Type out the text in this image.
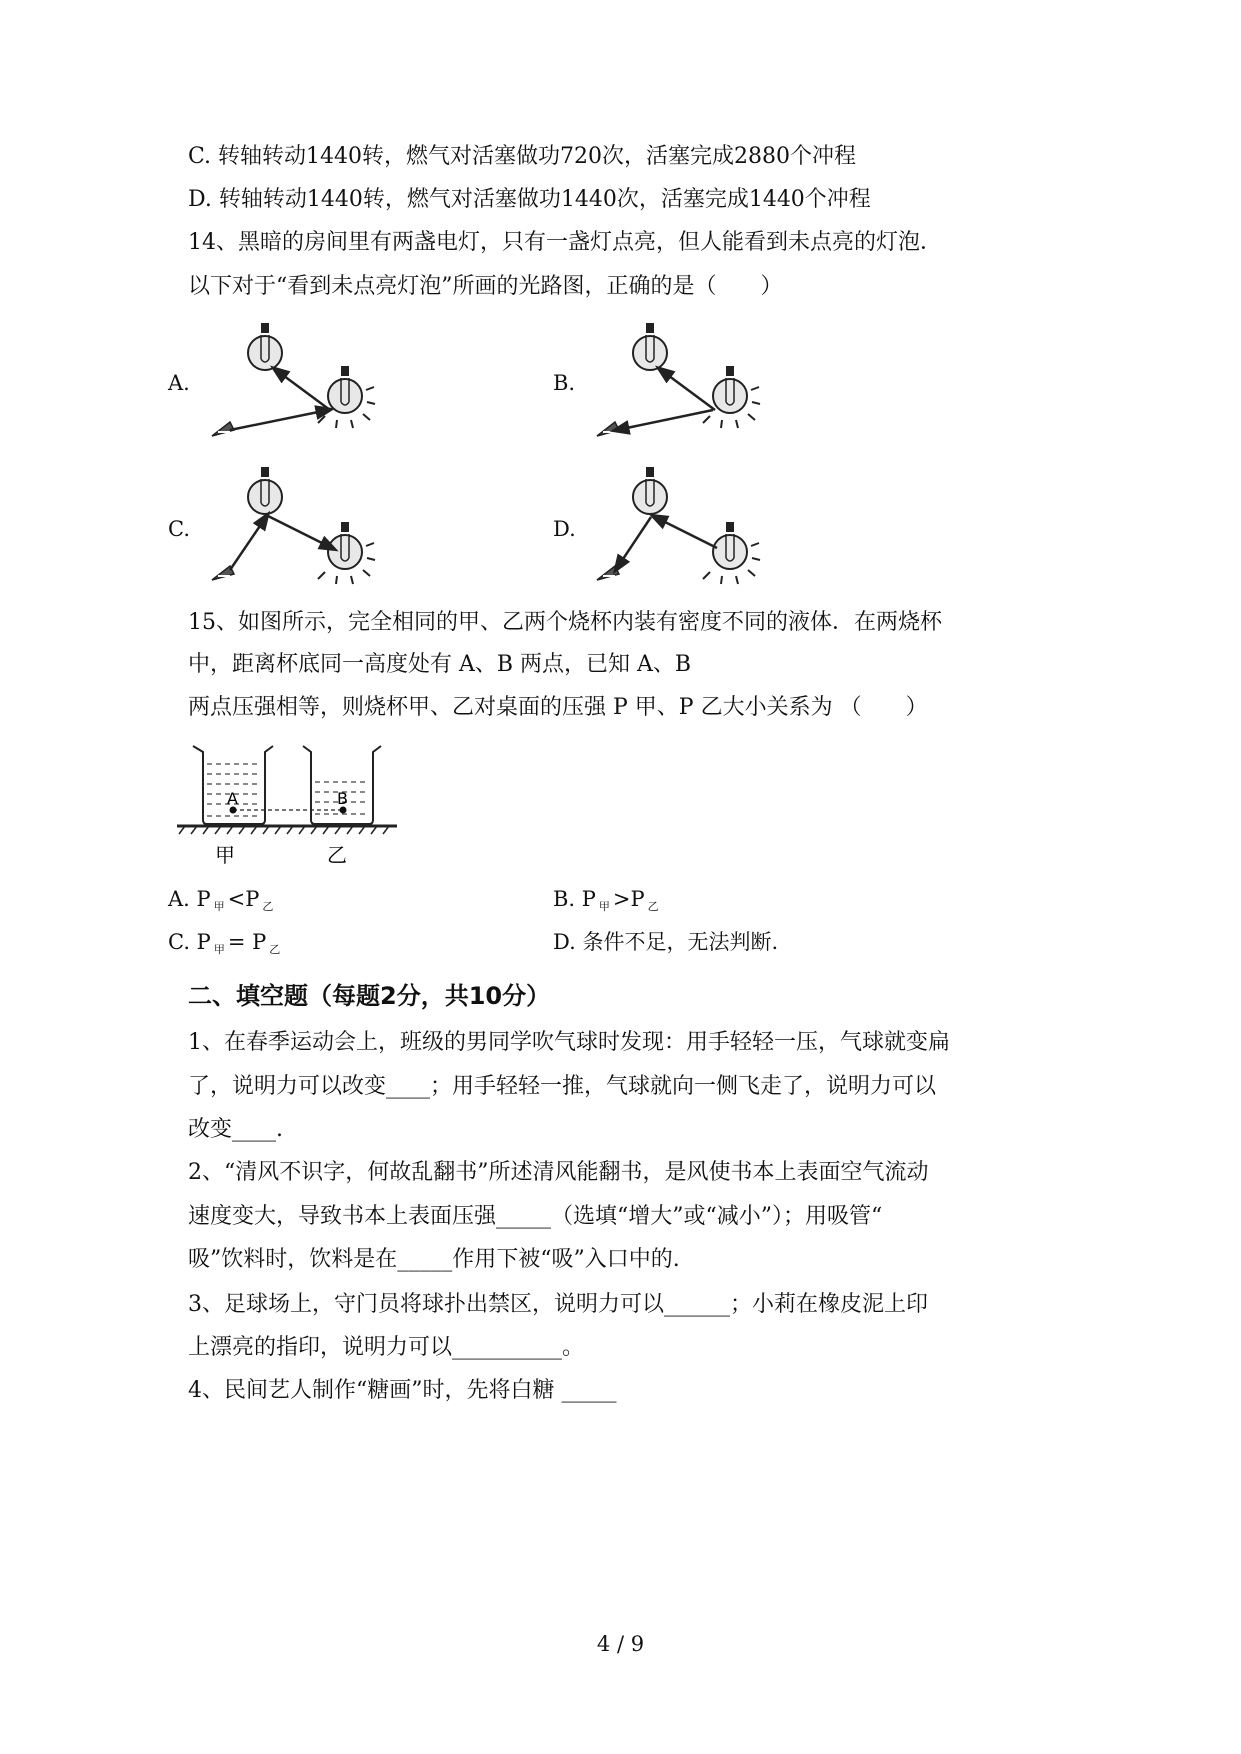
C. 转轴转动1440转，燃气对活塞做功720次，活塞完成2880个冲程
D. 转轴转动1440转，燃气对活塞做功1440次，活塞完成1440个冲程
14、黑暗的房间里有两盏电灯，只有一盏灯点亮，但人能看到未点亮的灯泡．
以下对于“看到未点亮灯泡”所画的光路图，正确的是（　　）
A.	B.
C.	D.
15、如图所示，完全相同的甲、乙两个烧杯内装有密度不同的液体．在两烧杯
中，距离杯底同一高度处有 A、B 两点，已知 A、B
两点压强相等，则烧杯甲、乙对桌面的压强 P 甲、P 乙大小关系为 （　　）
A	B
甲	乙
A. P $_甲$ <P $_乙$	B. P $_甲$ >P $_乙$
C. P $_甲$ = P $_乙$	D. 条件不足，无法判断.
二、填空题（每题2分，共10分）
1、在春季运动会上，班级的男同学吹气球时发现：用手轻轻一压，气球就变扁
了，说明力可以改变____；用手轻轻一推，气球就向一侧飞走了，说明力可以
改变____.
2、“清风不识字，何故乱翻书”所述清风能翻书，是风使书本上表面空气流动
速度变大，导致书本上表面压强_____（选填“增大”或“减小”）；用吸管“
吸”饮料时，饮料是在_____作用下被“吸”入口中的.
3、足球场上，守门员将球扑出禁区，说明力可以______；小莉在橡皮泥上印
上漂亮的指印，说明力可以__________。
4、民间艺人制作“糖画”时，先将白糖 _____
4 / 9
